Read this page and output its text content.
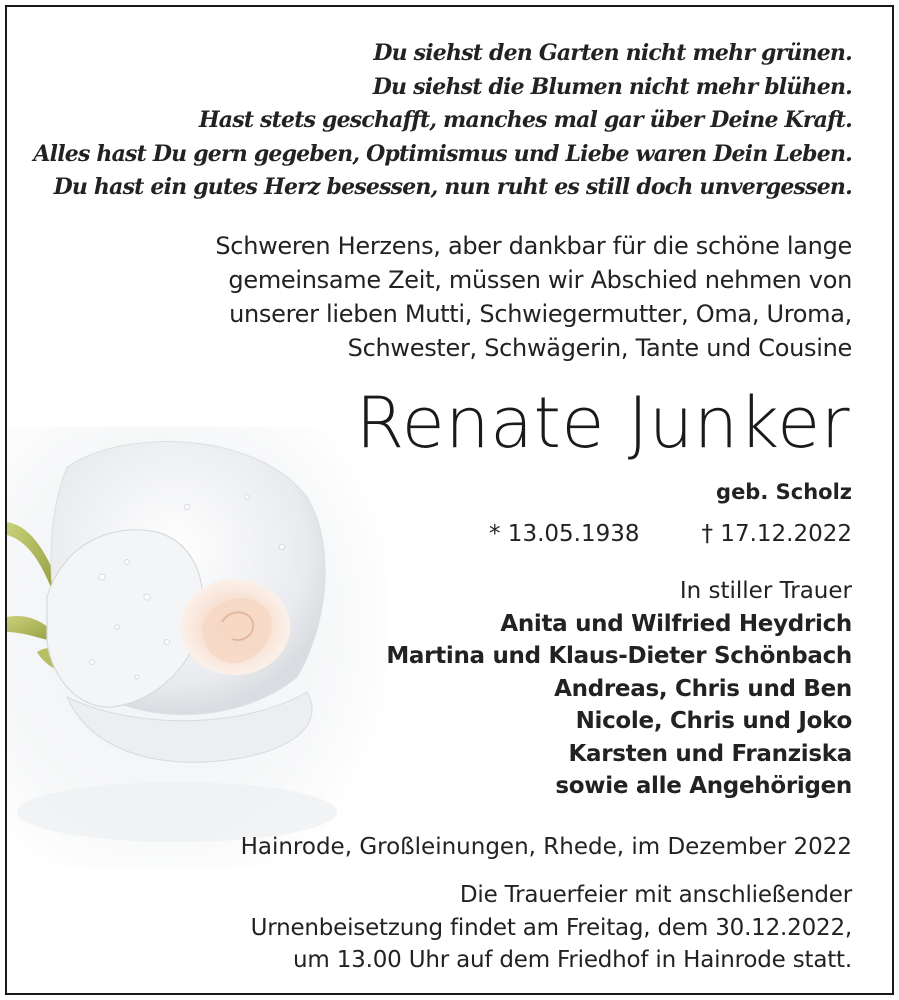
Du siehst den Garten nicht mehr grünen.
Du siehst die Blumen nicht mehr blühen.
Hast stets geschafft, manches mal gar über Deine Kraft.
Alles hast Du gern gegeben, Optimismus und Liebe waren Dein Leben.
Du hast ein gutes Herz besessen, nun ruht es still doch unvergessen.
Schweren Herzens, aber dankbar für die schöne lange
gemeinsame Zeit, müssen wir Abschied nehmen von
unserer lieben Mutti, Schwiegermutter, Oma, Uroma,
Schwester, Schwägerin, Tante und Cousine
Renate Junker
geb. Scholz
* 13.05.1938	† 17.12.2022
In stiller Trauer
Anita und Wilfried Heydrich
Martina und Klaus-Dieter Schönbach
Andreas, Chris und Ben
Nicole, Chris und Joko
Karsten und Franziska
sowie alle Angehörigen
Hainrode, Großleinungen, Rhede, im Dezember 2022
Die Trauerfeier mit anschließender
Urnenbeisetzung findet am Freitag, dem 30.12.2022,
um 13.00 Uhr auf dem Friedhof in Hainrode statt.
